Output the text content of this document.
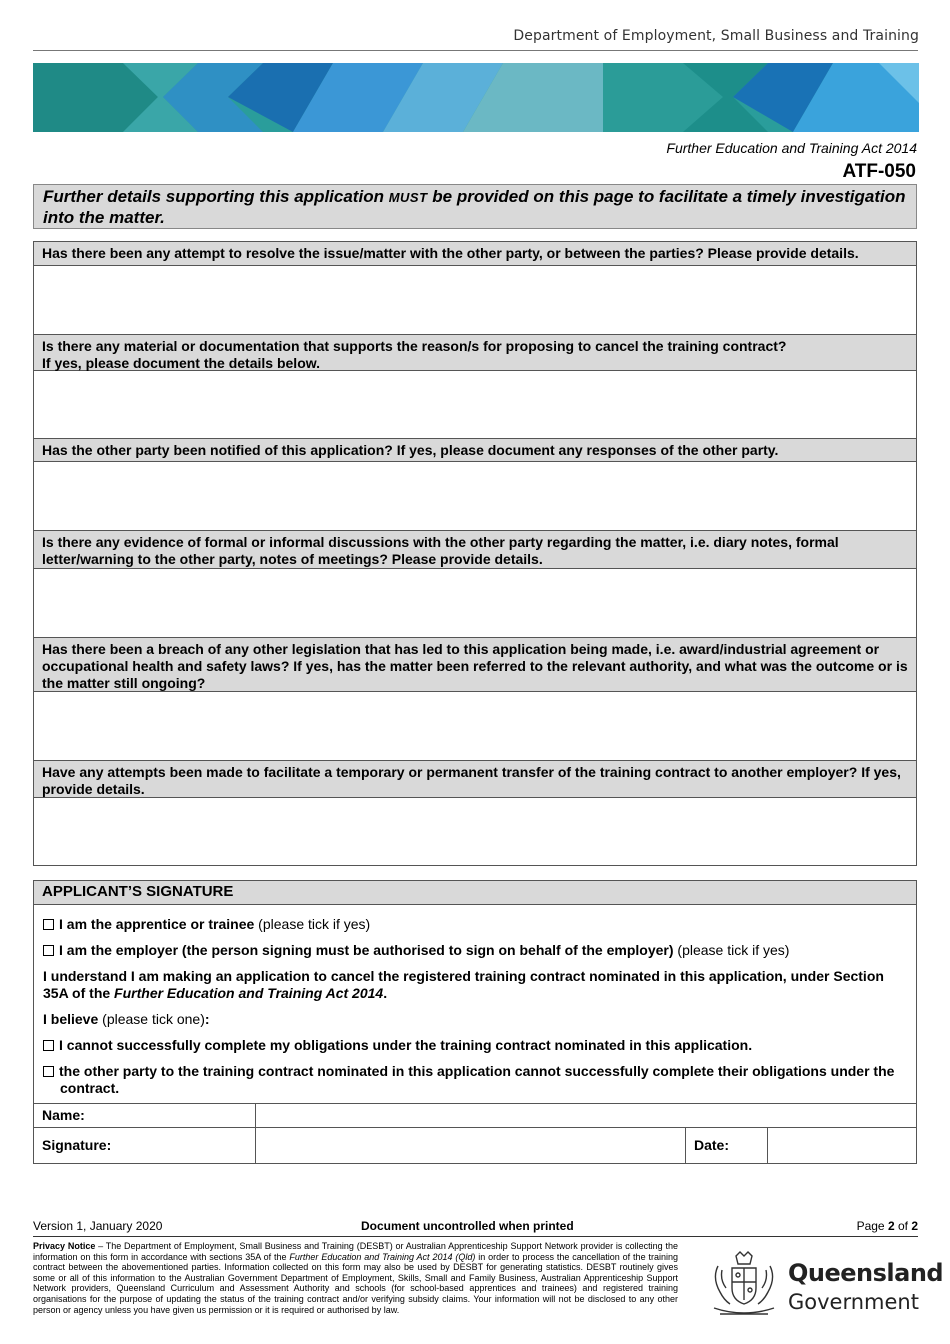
Department of Employment, Small Business and Training
Further Education and Training Act 2014
ATF-050
Further details supporting this application MUST be provided on this page to facilitate a timely investigation into the matter.
Has there been any attempt to resolve the issue/matter with the other party, or between the parties? Please provide details.
Is there any material or documentation that supports the reason/s for proposing to cancel the training contract?
If yes, please document the details below.
Has the other party been notified of this application? If yes, please document any responses of the other party.
Is there any evidence of formal or informal discussions with the other party regarding the matter, i.e. diary notes, formal letter/warning to the other party, notes of meetings? Please provide details.
Has there been a breach of any other legislation that has led to this application being made, i.e. award/industrial agreement or occupational health and safety laws? If yes, has the matter been referred to the relevant authority, and what was the outcome or is the matter still ongoing?
Have any attempts been made to facilitate a temporary or permanent transfer of the training contract to another employer? If yes, provide details.
APPLICANT’S SIGNATURE
I am the apprentice or trainee (please tick if yes)
I am the employer (the person signing must be authorised to sign on behalf of the employer) (please tick if yes)
I understand I am making an application to cancel the registered training contract nominated in this application, under Section 35A of the Further Education and Training Act 2014.
I believe (please tick one):
I cannot successfully complete my obligations under the training contract nominated in this application.
the other party to the training contract nominated in this application cannot successfully complete their obligations under the contract.
Name:
Signature:	Date:
Version 1, January 2020	Document uncontrolled when printed	Page 2 of 2
Privacy Notice – The Department of Employment, Small Business and Training (DESBT) or Australian Apprenticeship Support Network provider is collecting the information on this form in accordance with sections 35A of the Further Education and Training Act 2014 (Qld) in order to process the cancellation of the training contract between the abovementioned parties. Information collected on this form may also be used by DESBT for generating statistics. DESBT routinely gives some or all of this information to the Australian Government Department of Employment, Skills, Small and Family Business, Australian Apprenticeship Support Network providers, Queensland Curriculum and Assessment Authority and schools (for school-based apprentices and trainees) and registered training organisations for the purpose of updating the status of the training contract and/or verifying subsidy claims. Your information will not be disclosed to any other person or agency unless you have given us permission or it is required or authorised by law.
Queensland
Government
